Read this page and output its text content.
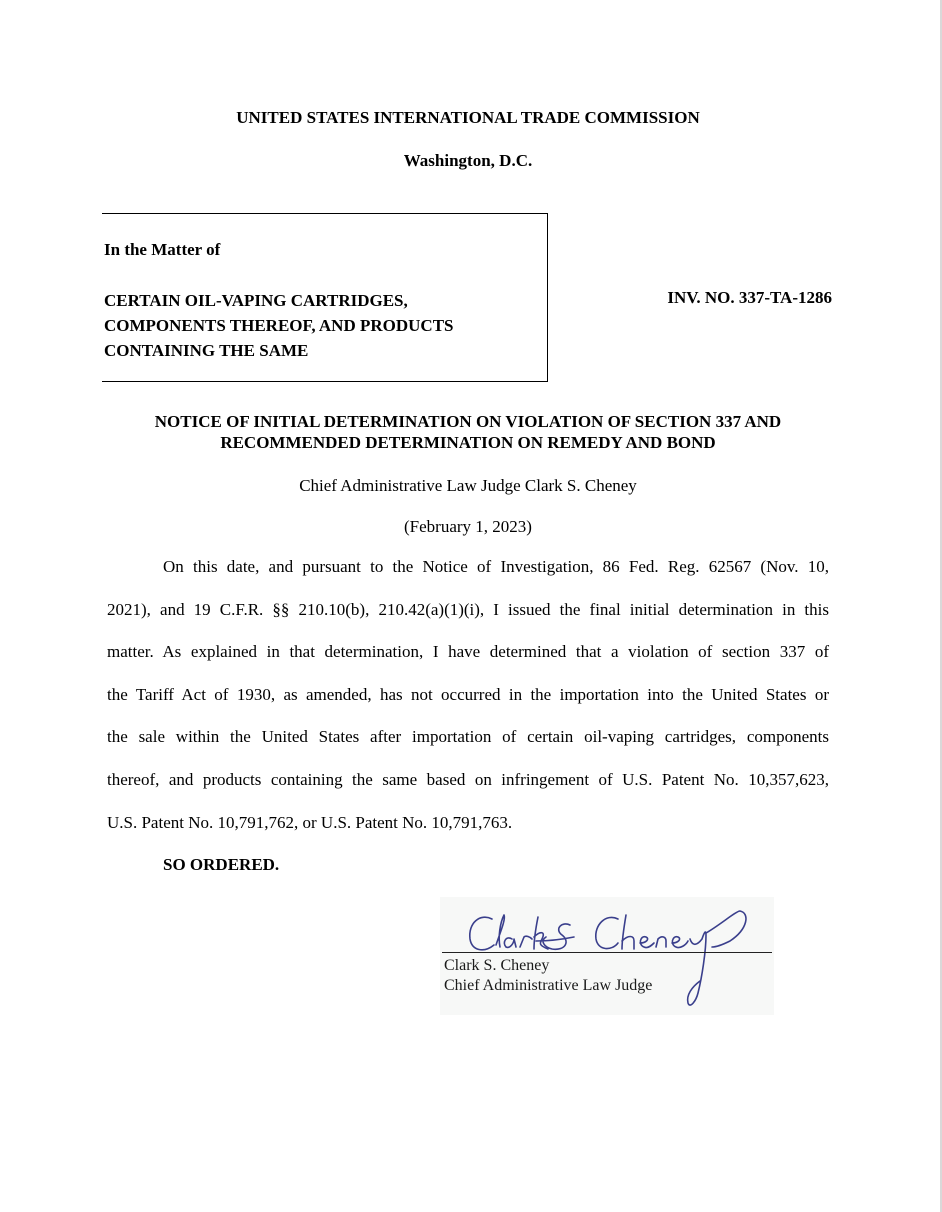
UNITED STATES INTERNATIONAL TRADE COMMISSION
Washington, D.C.
In the Matter of
CERTAIN OIL-VAPING CARTRIDGES,
COMPONENTS THEREOF, AND PRODUCTS
CONTAINING THE SAME
INV. NO. 337-TA-1286
NOTICE OF INITIAL DETERMINATION ON VIOLATION OF SECTION 337 AND
RECOMMENDED DETERMINATION ON REMEDY AND BOND
Chief Administrative Law Judge Clark S. Cheney
(February 1, 2023)
On this date, and pursuant to the Notice of Investigation, 86 Fed. Reg. 62567 (Nov. 10,
2021), and 19 C.F.R. §§ 210.10(b), 210.42(a)(1)(i), I issued the final initial determination in this
matter. As explained in that determination, I have determined that a violation of section 337 of
the Tariff Act of 1930, as amended, has not occurred in the importation into the United States or
the sale within the United States after importation of certain oil-vaping cartridges, components
thereof, and products containing the same based on infringement of U.S. Patent No. 10,357,623,
U.S. Patent No. 10,791,762, or U.S. Patent No. 10,791,763.
SO ORDERED.
Clark S. Cheney
Chief Administrative Law Judge
